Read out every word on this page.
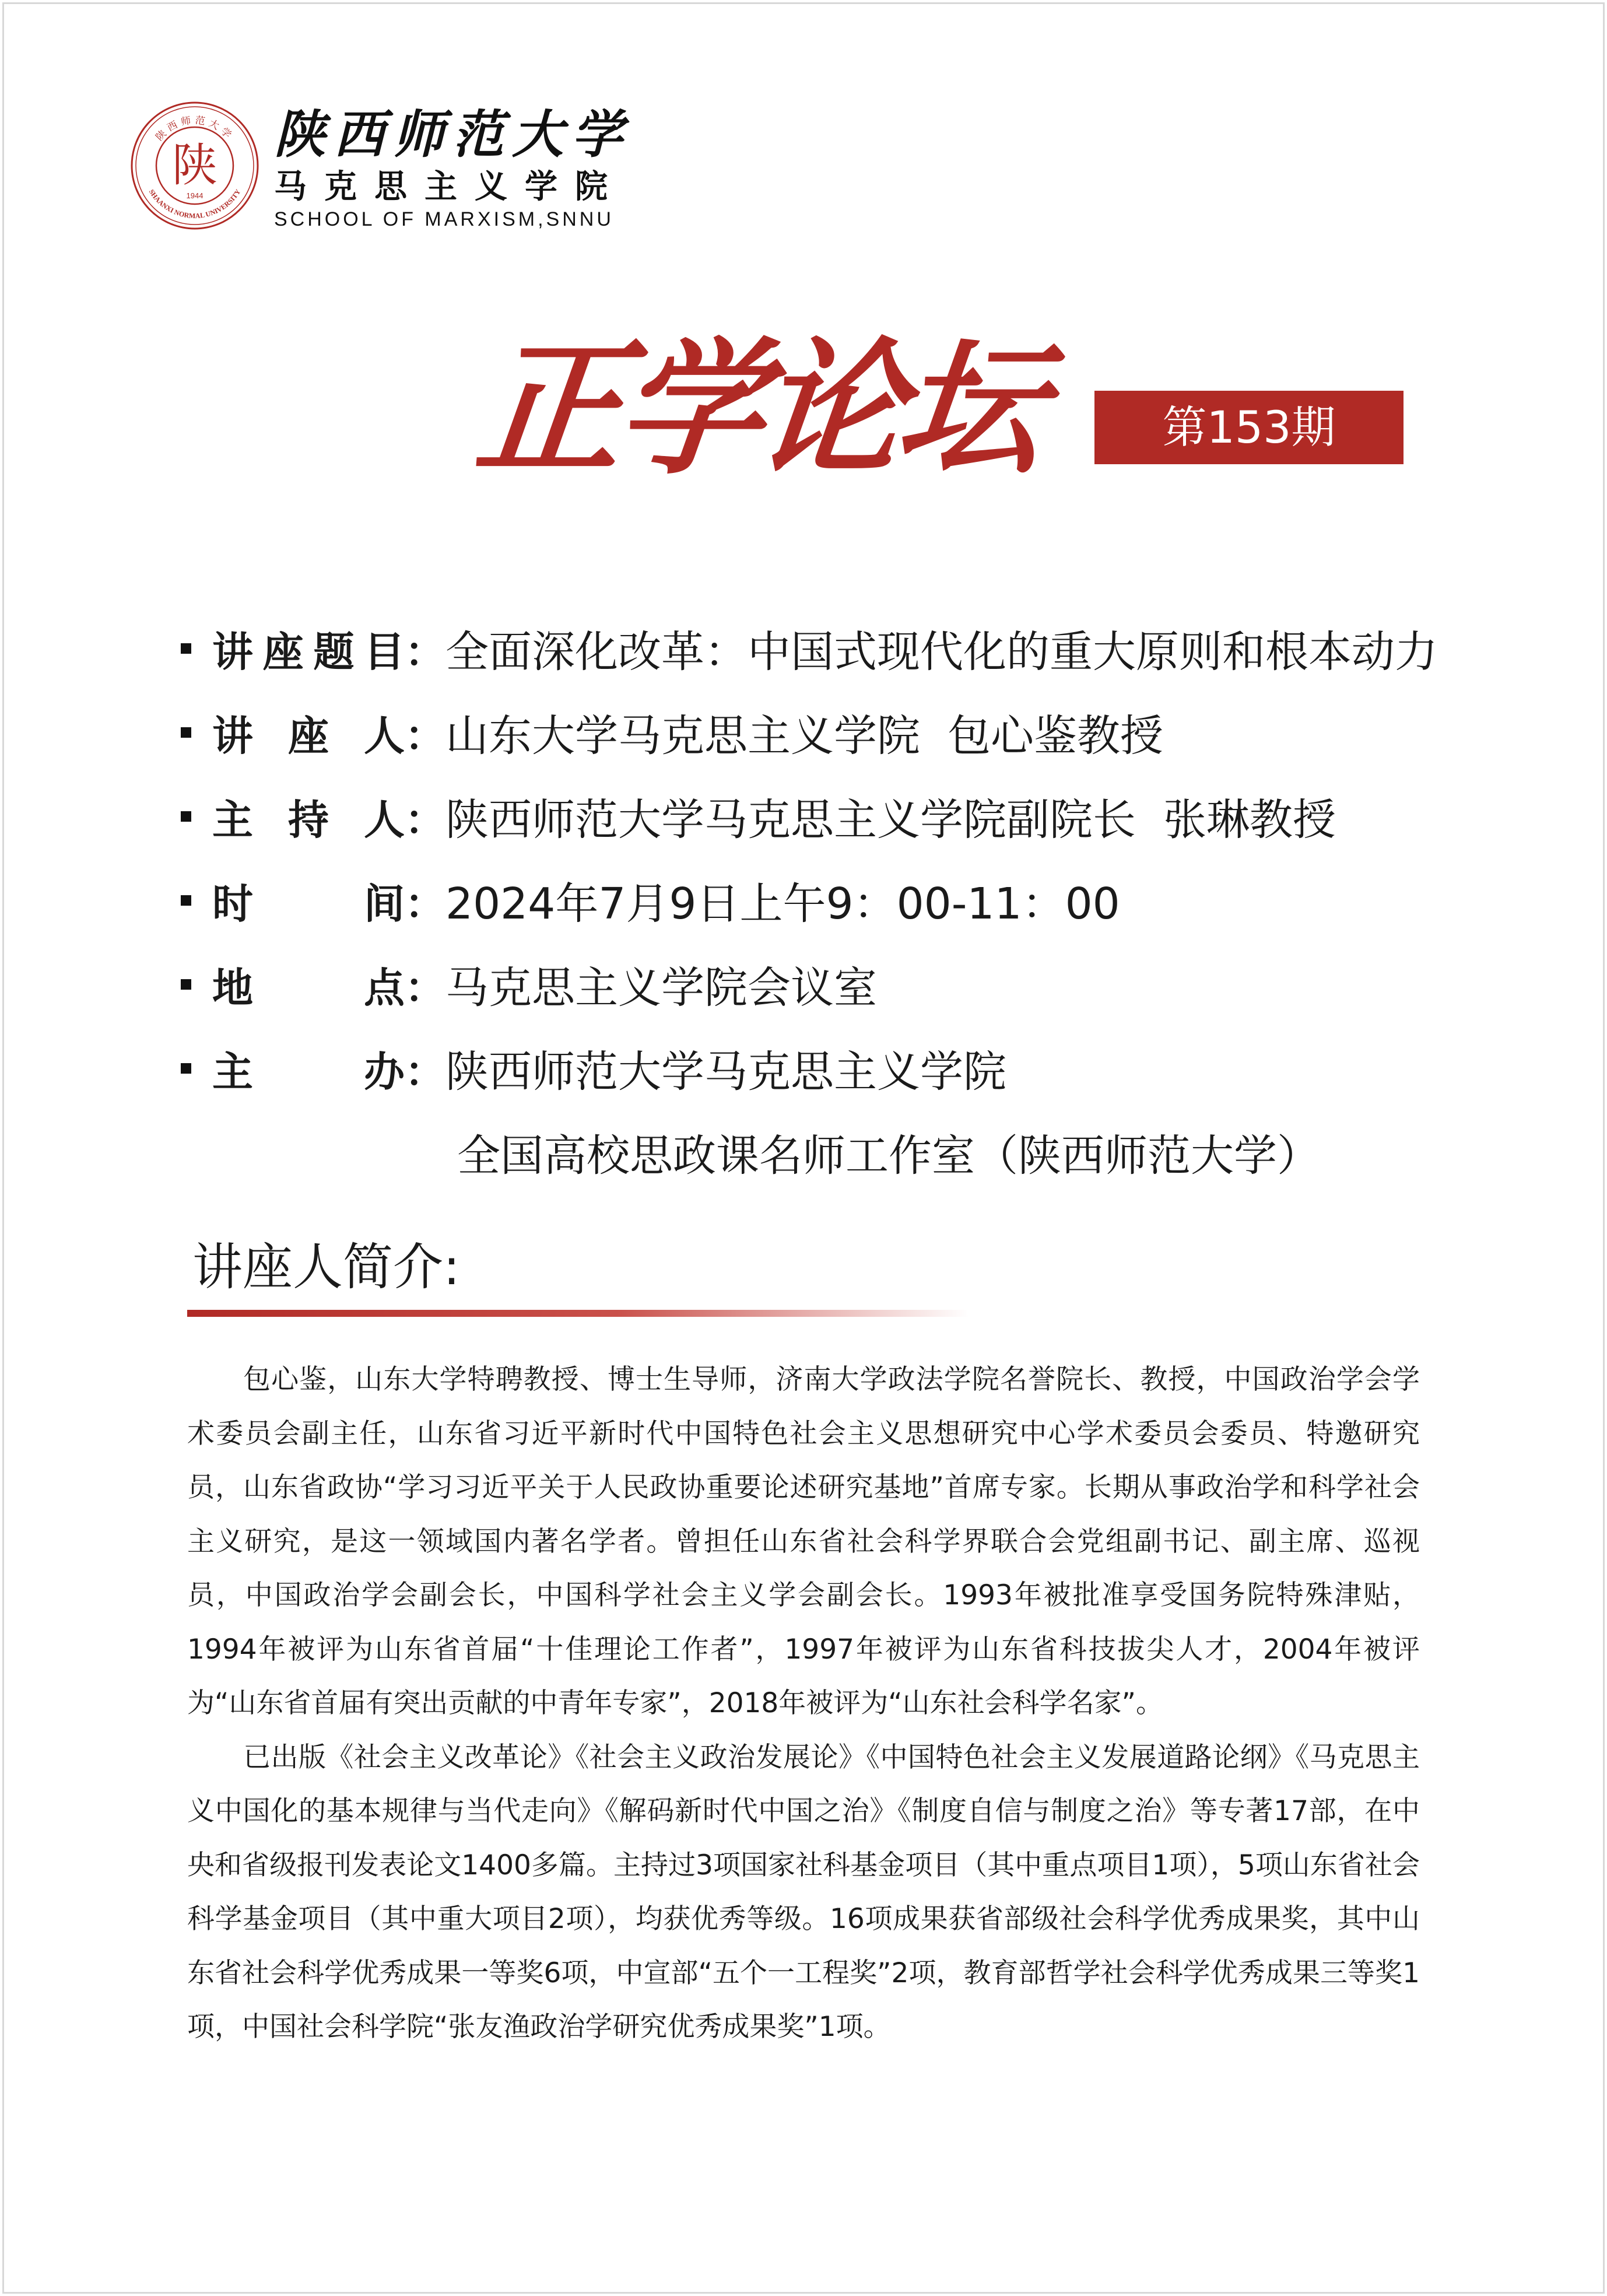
陕西师范大学
SHAANXI NORMAL UNIVERSITY
陕
1944
陕西师范大学
马克思主义学院
SCHOOL OF MARXISM,SNNU
正学论坛	第153期
讲座题目 ： 全面深化改革：中国式现代化的重大原则和根本动力
讲座人 ： 山东大学马克思主义学院  包心鉴教授
主持人 ： 陕西师范大学马克思主义学院副院长  张琳教授
时间 ： 2024年7月9日上午9：00-11：00
地点 ： 马克思主义学院会议室
主办 ： 陕西师范大学马克思主义学院
全国高校思政课名师工作室（陕西师范大学）
讲座人简介:

包心鉴，山东大学特聘教授、博士生导师，济南大学政法学院名誉院长、教授，中国政治学会学术委员会副主任，山东省习近平新时代中国特色社会主义思想研究中心学术委员会委员、特邀研究员，山东省政协“学习习近平关于人民政协重要论述研究基地”首席专家。长期从事政治学和科学社会主义研究，是这一领域国内著名学者。曾担任山东省社会科学界联合会党组副书记、副主席、巡视员，中国政治学会副会长，中国科学社会主义学会副会长。1993年被批准享受国务院特殊津贴，1994年被评为山东省首届“十佳理论工作者”，1997年被评为山东省科技拔尖人才，2004年被评为“山东省首届有突出贡献的中青年专家”，2018年被评为“山东社会科学名家”。

已出版《社会主义改革论》《社会主义政治发展论》《中国特色社会主义发展道路论纲》《马克思主义中国化的基本规律与当代走向》《解码新时代中国之治》《制度自信与制度之治》等专著17部，在中央和省级报刊发表论文1400多篇。主持过3项国家社科基金项目（其中重点项目1项），5项山东省社会科学基金项目（其中重大项目2项），均获优秀等级。16项成果获省部级社会科学优秀成果奖，其中山东省社会科学优秀成果一等奖6项，中宣部“五个一工程奖”2项，教育部哲学社会科学优秀成果三等奖1项，中国社会科学院“张友渔政治学研究优秀成果奖”1项。
